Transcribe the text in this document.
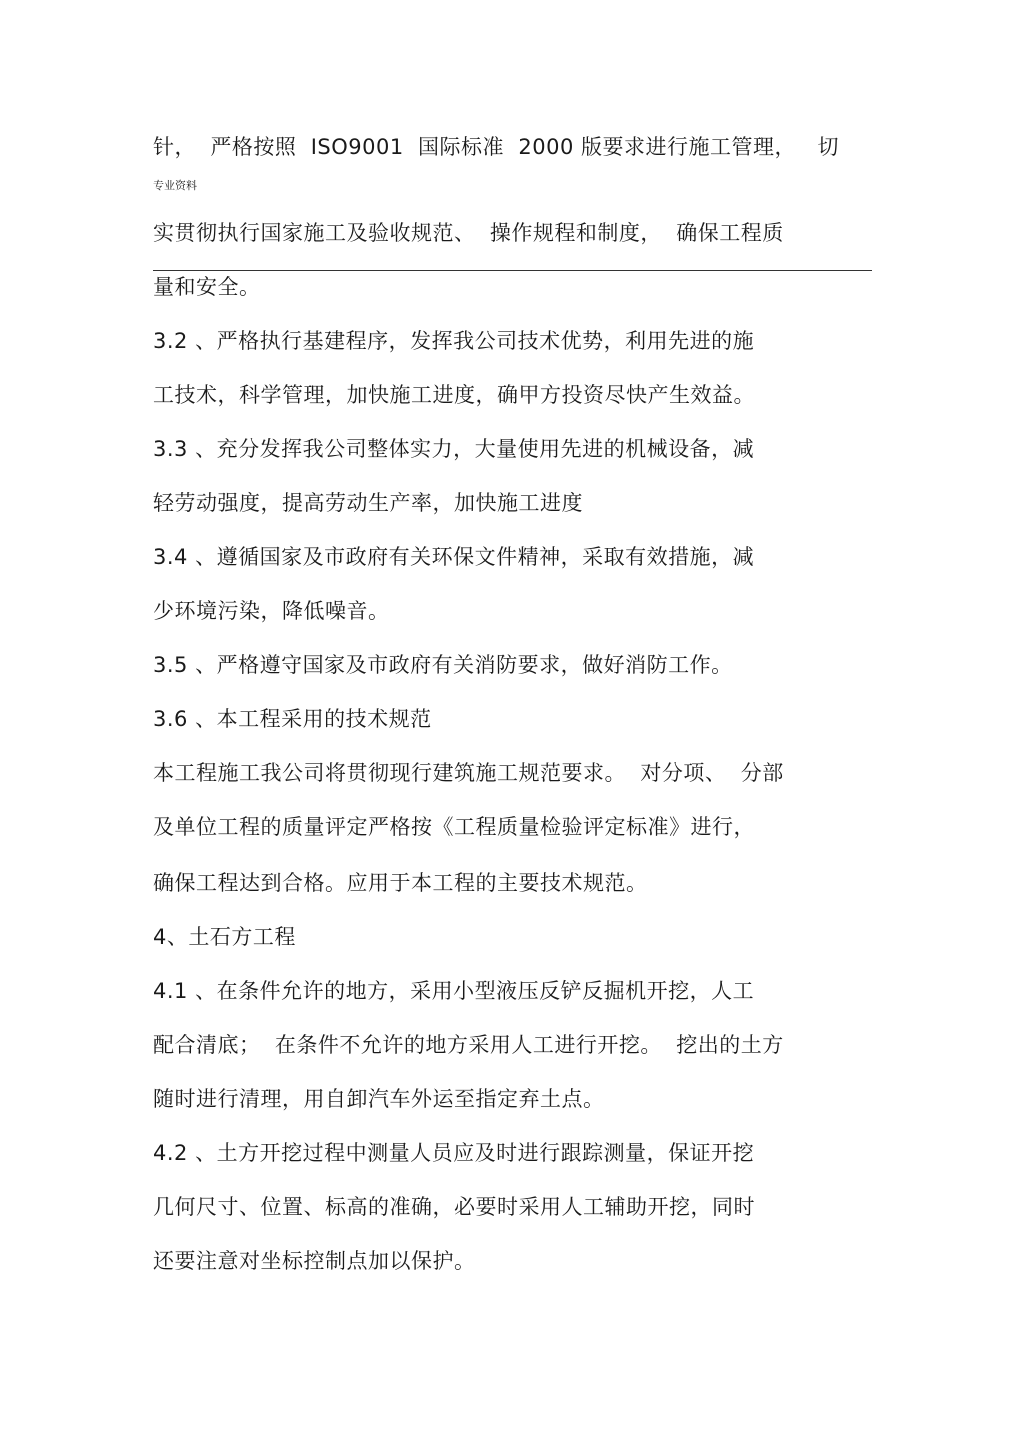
针，  严格按照  ISO9001  国际标准  2000 版要求进行施工管理，   切
专业资料
实贯彻执行国家施工及验收规范、  操作规程和制度，  确保工程质
量和安全。
3.2 、严格执行基建程序，发挥我公司技术优势，利用先进的施
工技术，科学管理，加快施工进度，确甲方投资尽快产生效益。
3.3 、充分发挥我公司整体实力，大量使用先进的机械设备，减
轻劳动强度，提高劳动生产率，加快施工进度
3.4 、遵循国家及市政府有关环保文件精神，采取有效措施，减
少环境污染，降低噪音。
3.5 、严格遵守国家及市政府有关消防要求，做好消防工作。
3.6 、本工程采用的技术规范
本工程施工我公司将贯彻现行建筑施工规范要求。  对分项、  分部
及单位工程的质量评定严格按《工程质量检验评定标准》进行，
确保工程达到合格。应用于本工程的主要技术规范。
4、土石方工程
4.1 、在条件允许的地方，采用小型液压反铲反掘机开挖，人工
配合清底；  在条件不允许的地方采用人工进行开挖。  挖出的土方
随时进行清理，用自卸汽车外运至指定弃土点。
4.2 、土方开挖过程中测量人员应及时进行跟踪测量，保证开挖
几何尺寸、位置、标高的准确，必要时采用人工辅助开挖，同时
还要注意对坐标控制点加以保护。
